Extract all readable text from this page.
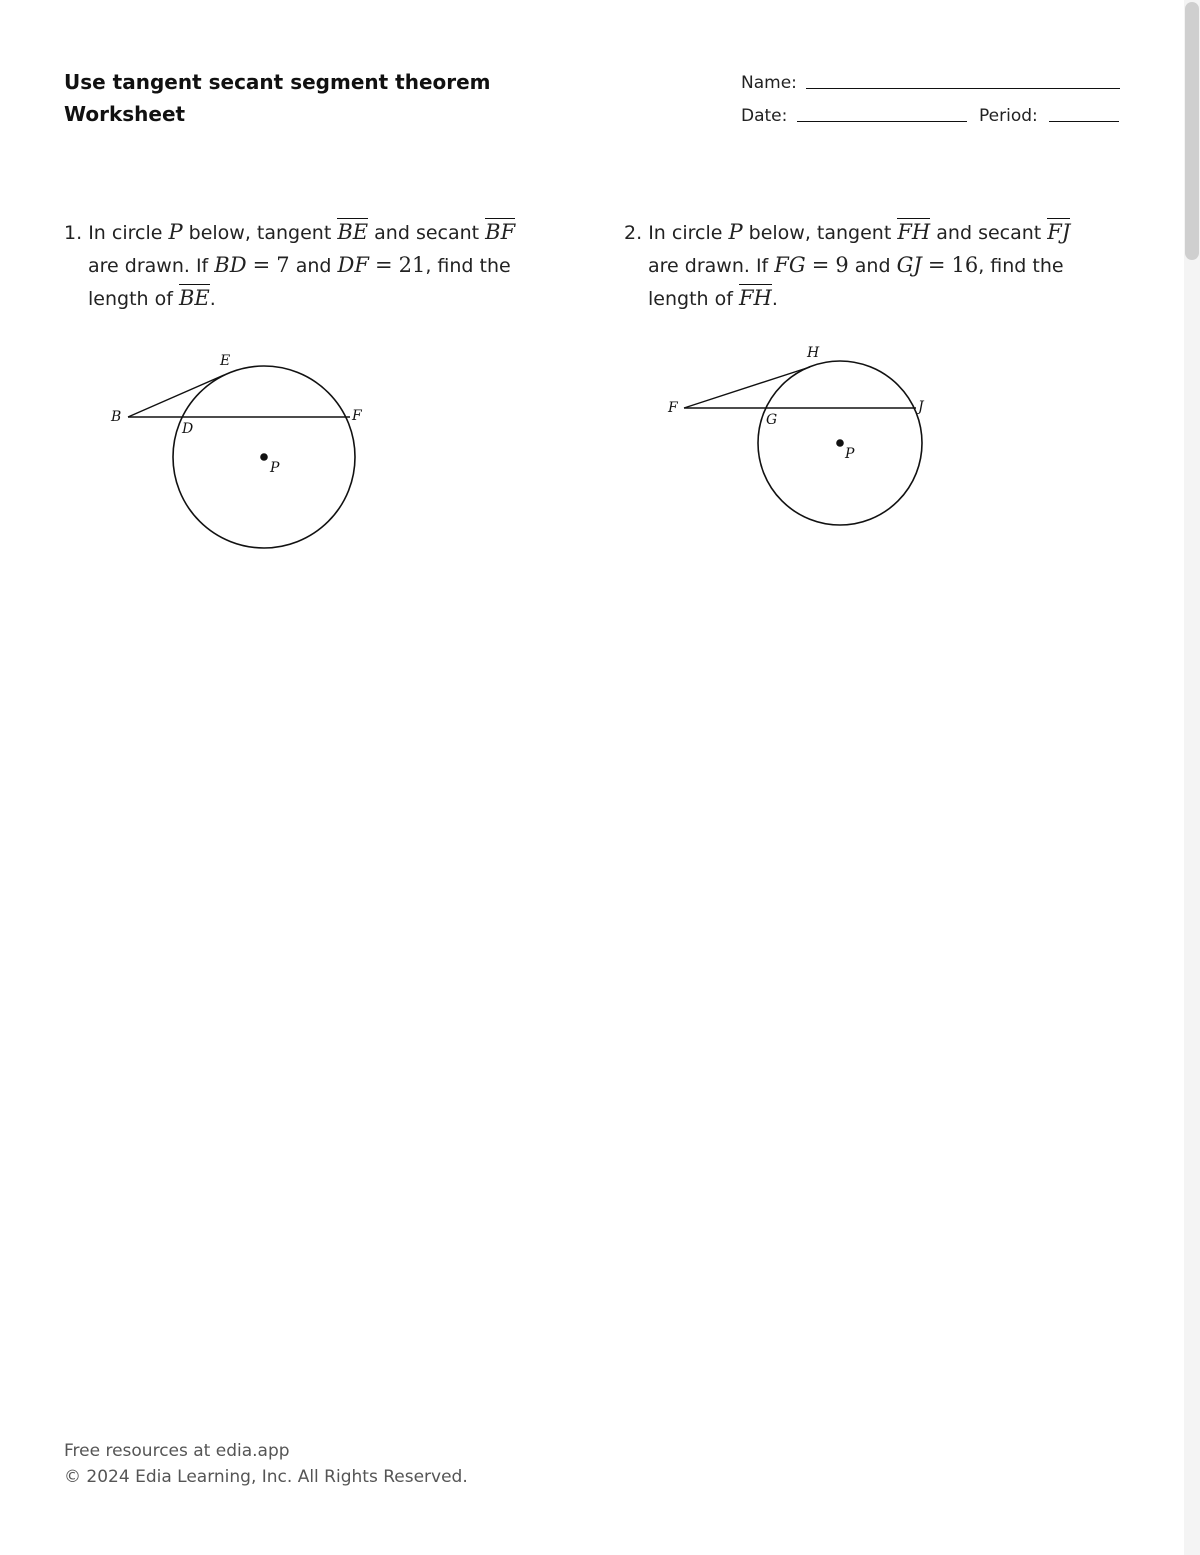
Use tangent secant segment theorem
Worksheet
Name:
Date:	Period:
1. In circle P below, tangent BE and secant BF
are drawn. If BD = 7 and DF = 21, find the
length of BE.
2. In circle P below, tangent FH and secant FJ
are drawn. If FG = 9 and GJ = 16, find the
length of FH.
E
B
D
F
P
H
F
G
J
P
Free resources at edia.app
© 2024 Edia Learning, Inc. All Rights Reserved.
